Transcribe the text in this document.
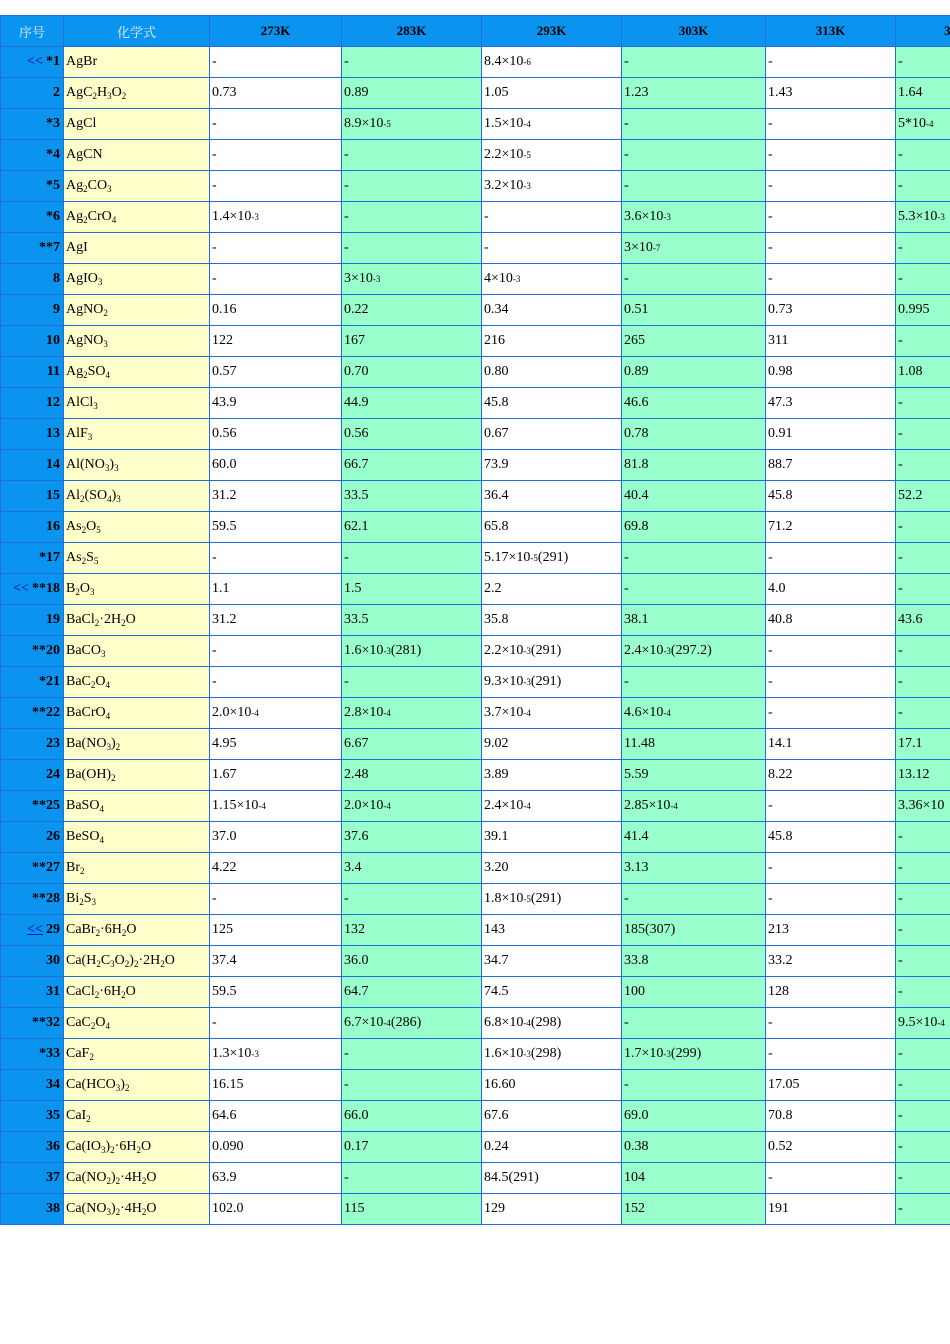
序号	化学式	273K	283K	293K	303K	313K	3
<< *1	AgBr	-	-	8.4×10-6	-	-	-
2	$AgC_2H_3O_2$	0.73	0.89	1.05	1.23	1.43	1.64
*3	AgCl	-	8.9×10-5	1.5×10-4	-	-	5*10-4
*4	AgCN	-	-	2.2×10-5	-	-	-
*5	$Ag_2CO_3$	-	-	3.2×10-3	-	-	-
*6	$Ag_2CrO_4$	1.4×10-3	-	-	3.6×10-3	-	5.3×10-3
**7	AgI	-	-	-	3×10-7	-	-
8	AgIO$_3$	-	3×10-3	4×10-3	-	-	-
9	AgNO$_2$	0.16	0.22	0.34	0.51	0.73	0.995
10	AgNO$_3$	122	167	216	265	311	-
11	$Ag_2SO_4$	0.57	0.70	0.80	0.89	0.98	1.08
12	AlCl$_3$	43.9	44.9	45.8	46.6	47.3	-
13	AlF$_3$	0.56	0.56	0.67	0.78	0.91	-
14	$Al(NO_3)_3$	60.0	66.7	73.9	81.8	88.7	-
15	$Al_2(SO_4)_3$	31.2	33.5	36.4	40.4	45.8	52.2
16	$As_2O_5$	59.5	62.1	65.8	69.8	71.2	-
*17	$As_2S_5$	-	-	5.17×10-5(291)	-	-	-
<< **18	$B_2O_3$	1.1	1.5	2.2	-	4.0	-
19	$BaCl_2\cdot 2H_2O$	31.2	33.5	35.8	38.1	40.8	43.6
**20	BaCO$_3$	-	1.6×10-3(281)	2.2×10-3(291)	2.4×10-3(297.2)	-	-
*21	$BaC_2O_4$	-	-	9.3×10-3(291)	-	-	-
**22	BaCrO$_4$	2.0×10-4	2.8×10-4	3.7×10-4	4.6×10-4	-	-
23	$Ba(NO_3)_2$	4.95	6.67	9.02	11.48	14.1	17.1
24	$Ba(OH)_2$	1.67	2.48	3.89	5.59	8.22	13.12
**25	BaSO$_4$	1.15×10-4	2.0×10-4	2.4×10-4	2.85×10-4	-	3.36×10
26	BeSO$_4$	37.0	37.6	39.1	41.4	45.8	-
**27	$Br_2$	4.22	3.4	3.20	3.13	-	-
**28	$Bi_2S_3$	-	-	1.8×10-5(291)	-	-	-
<< 29	$CaBr_2\cdot 6H_2O$	125	132	143	185(307)	213	-
30	$Ca(H_2C_3O_2)_2\cdot 2H_2O$	37.4	36.0	34.7	33.8	33.2	-
31	$CaCl_2\cdot 6H_2O$	59.5	64.7	74.5	100	128	-
**32	$CaC_2O_4$	-	6.7×10-4(286)	6.8×10-4(298)	-	-	9.5×10-4
*33	CaF$_2$	1.3×10-3	-	1.6×10-3(298)	1.7×10-3(299)	-	-
34	$Ca(HCO_3)_2$	16.15	-	16.60	-	17.05	-
35	CaI$_2$	64.6	66.0	67.6	69.0	70.8	-
36	$Ca(IO_3)_2\cdot 6H_2O$	0.090	0.17	0.24	0.38	0.52	-
37	$Ca(NO_2)_2\cdot 4H_2O$	63.9	-	84.5(291)	104	-	-
38	$Ca(NO_3)_2\cdot 4H_2O$	102.0	115	129	152	191	-
